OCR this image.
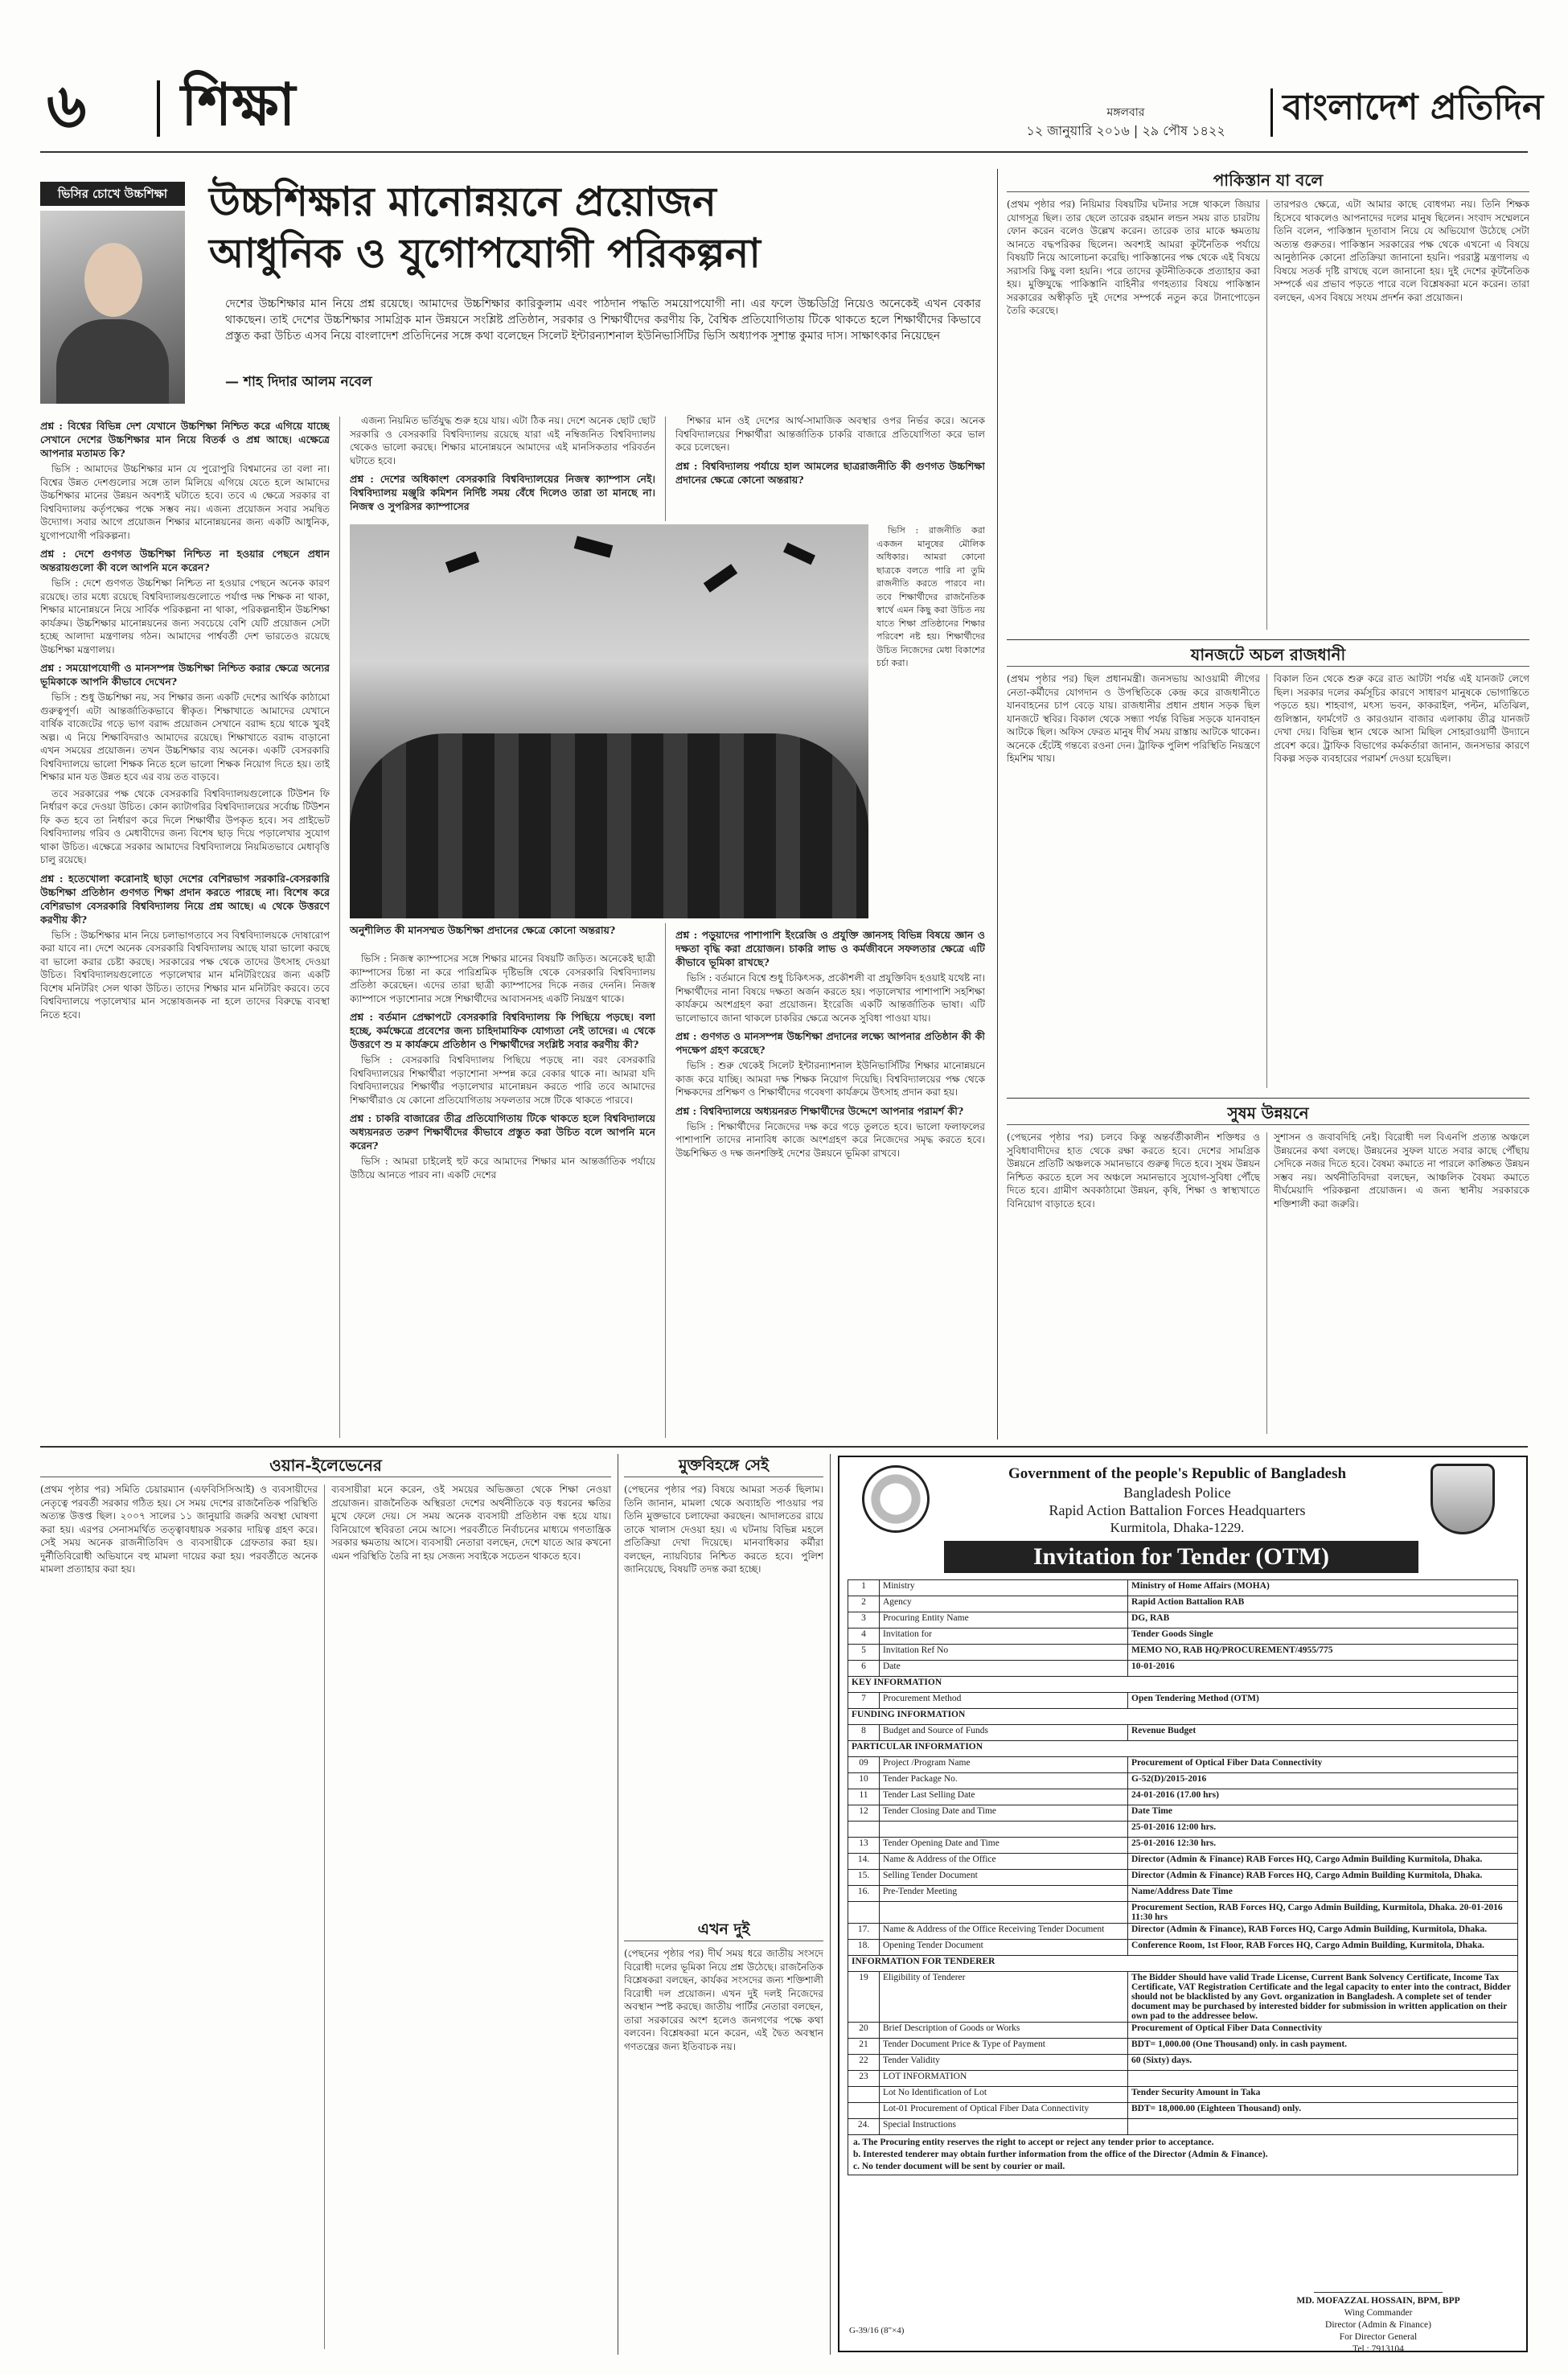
৬ শিক্ষা	মঙ্গলবার
১২ জানুয়ারি ২০১৬ | ২৯ পৌষ ১৪২২
বাংলাদেশ প্রতিদিন
ভিসির চোখে উচ্চশিক্ষা	উচ্চশিক্ষার মানোন্নয়নে প্রয়োজন
আধুনিক ও যুগোপযোগী পরিকল্পনা
দেশের উচ্চশিক্ষার মান নিয়ে প্রশ্ন রয়েছে। আমাদের উচ্চশিক্ষার কারিকুলাম এবং পাঠদান পদ্ধতি সময়োপযোগী না। এর ফলে উচ্চডিগ্রি নিয়েও অনেকেই এখন বেকার থাকছেন। তাই দেশের উচ্চশিক্ষার সামগ্রিক মান উন্নয়নে সংশ্লিষ্ট প্রতিষ্ঠান, সরকার ও শিক্ষার্থীদের করণীয় কি, বৈশ্বিক প্রতিযোগিতায় টিকে থাকতে হলে শিক্ষার্থীদের কিভাবে প্রস্তুত করা উচিত এসব নিয়ে বাংলাদেশ প্রতিদিনের সঙ্গে কথা বলেছেন সিলেট ইন্টারন্যাশনাল ইউনিভার্সিটির ভিসি অধ্যাপক সুশান্ত কুমার দাস। সাক্ষাৎকার নিয়েছেন
— শাহ দিদার আলম নবেল
প্রশ্ন : বিশ্বের বিভিন্ন দেশ যেখানে উচ্চশিক্ষা নিশ্চিত করে এগিয়ে যাচ্ছে সেখানে দেশের উচ্চশিক্ষার মান নিয়ে বিতর্ক ও প্রশ্ন আছে। এক্ষেত্রে আপনার মতামত কি?

ভিসি : আমাদের উচ্চশিক্ষার মান যে পুরোপুরি বিশ্বমানের তা বলা না। বিশ্বের উন্নত দেশগুলোর সঙ্গে তাল মিলিয়ে এগিয়ে যেতে হলে আমাদের উচ্চশিক্ষার মানের উন্নয়ন অবশ্যই ঘটাতে হবে। তবে এ ক্ষেত্রে সরকার বা বিশ্ববিদ্যালয় কর্তৃপক্ষের পক্ষে সম্ভব নয়। এজন্য প্রয়োজন সবার সমন্বিত উদ্যোগ। সবার আগে প্রয়োজন শিক্ষার মানোন্নয়নের জন্য একটি আধুনিক, যুগোপযোগী পরিকল্পনা।

প্রশ্ন : দেশে গুণগত উচ্চশিক্ষা নিশ্চিত না হওয়ার পেছনে প্রধান অন্তরায়গুলো কী বলে আপনি মনে করেন?

ভিসি : দেশে গুণগত উচ্চশিক্ষা নিশ্চিত না হওয়ার পেছনে অনেক কারণ রয়েছে। তার মধ্যে রয়েছে বিশ্ববিদ্যালয়গুলোতে পর্যাপ্ত দক্ষ শিক্ষক না থাকা, শিক্ষার মানোন্নয়নে নিয়ে সার্বিক পরিকল্পনা না থাকা, পরিকল্পনাহীন উচ্চশিক্ষা কার্যক্রম। উচ্চশিক্ষার মানোন্নয়নের জন্য সবচেয়ে বেশি যেটি প্রয়োজন সেটা হচ্ছে আলাদা মন্ত্রণালয় গঠন। আমাদের পার্শ্ববর্তী দেশ ভারতেও রয়েছে উচ্চশিক্ষা মন্ত্রণালয়।

প্রশ্ন : সময়োপযোগী ও মানসম্পন্ন উচ্চশিক্ষা নিশ্চিত করার ক্ষেত্রে অন্যের ভূমিকাকে আপনি কীভাবে দেখেন?

ভিসি : শুধু উচ্চশিক্ষা নয়, সব শিক্ষার জন্য একটি দেশের আর্থিক কাঠামো গুরুত্বপূর্ণ। এটা আন্তর্জাতিকভাবে স্বীকৃত। শিক্ষাখাতে আমাদের যেখানে বার্ষিক বাজেটের গড়ে ভাগ বরাদ্দ প্রয়োজন সেখানে বরাদ্দ হয়ে থাকে খুবই অল্প। এ নিয়ে শিক্ষাবিদরাও আমাদের রয়েছে। শিক্ষাখাতে বরাদ্দ বাড়ানো এখন সময়ের প্রয়োজন। তখন উচ্চশিক্ষার ব্যয় অনেক। একটি বেসরকারি বিশ্ববিদ্যালয়ে ভালো শিক্ষক নিতে হলে ভালো শিক্ষক নিয়োগ দিতে হয়। তাই শিক্ষার মান যত উন্নত হবে এর ব্যয় তত বাড়বে।

তবে সরকারের পক্ষ থেকে বেসরকারি বিশ্ববিদ্যালয়গুলোকে টিউশন ফি নির্ধারণ করে দেওয়া উচিত। কোন ক্যাটাগরির বিশ্ববিদ্যালয়ের সর্বোচ্চ টিউশন ফি কত হবে তা নির্ধারণ করে দিলে শিক্ষার্থীর উপকৃত হবে। সব প্রাইভেট বিশ্ববিদ্যালয় গরিব ও মেধাবীদের জন্য বিশেষ ছাড় দিয়ে পড়ালেখার সুযোগ থাকা উচিত। এক্ষেত্রে সরকার আমাদের বিশ্ববিদ্যালয়ে নিয়মিতভাবে মেধাবৃত্তি চালু রয়েছে।

প্রশ্ন : হতেখোলা করোনাই ছাড়া দেশের বেশিরভাগ সরকারি-বেসরকারি উচ্চশিক্ষা প্রতিষ্ঠান গুণগত শিক্ষা প্রদান করতে পারছে না। বিশেষ করে বেশিরভাগ বেসরকারি বিশ্ববিদ্যালয় নিয়ে প্রশ্ন আছে। এ থেকে উত্তরণে করণীয় কী?

ভিসি : উচ্চশিক্ষার মান নিয়ে চলাভাগতাবে সব বিশ্ববিদ্যালয়কে দোষারোপ করা যাবে না। দেশে অনেক বেসরকারি বিশ্ববিদ্যালয় আছে যারা ভালো করছে বা ভালো করার চেষ্টা করছে। সরকারের পক্ষ থেকে তাদের উৎসাহ দেওয়া উচিত। বিশ্ববিদ্যালয়গুলোতে পড়ালেখার মান মনিটরিংয়ের জন্য একটি বিশেষ মনিটরিং সেল থাকা উচিত। তাদের শিক্ষার মান মনিটরিং করবে। তবে বিশ্ববিদ্যালয়ে পড়ালেখার মান সন্তোষজনক না হলে তাদের বিরুদ্ধে ব্যবস্থা নিতে হবে।

এজন্য নিয়মিত ভর্তিযুদ্ধ শুরু হয়ে যায়। এটা ঠিক নয়। দেশে অনেক ছোট ছোট সরকারি ও বেসরকারি বিশ্ববিদ্যালয় রয়েছে যারা এই নম্বিজনিত বিশ্ববিদ্যালয় থেকেও ভালো করছে। শিক্ষার মানোন্নয়নে আমাদের এই মানসিকতার পরিবর্তন ঘটাতে হবে।

প্রশ্ন : দেশের অধিকাংশ বেসরকারি বিশ্ববিদ্যালয়ের নিজস্ব ক্যাম্পাস নেই। বিশ্ববিদ্যালয় মঞ্জুরি কমিশন নির্দিষ্ট সময় বেঁধে দিলেও তারা তা মানছে না। নিজস্ব ও সুপরিসর ক্যাম্পাসের
অনুশীলিত কী মানসম্মত উচ্চশিক্ষা প্রদানের ক্ষেত্রে কোনো অন্তরায়?

ভিসি : নিজস্ব ক্যাম্পাসের সঙ্গে শিক্ষার মানের বিষয়টি জড়িত। অনেকেই ছাত্রী ক্যাম্পাসের চিন্তা না করে পারিশ্রমিক দৃষ্টিভঙ্গি থেকে বেসরকারি বিশ্ববিদ্যালয় প্রতিষ্ঠা করেছেন। এদের তারা ছাত্রী ক্যাম্পাসের দিকে নজর দেননি। নিজস্ব ক্যাম্পাসে পড়াশোনার সঙ্গে শিক্ষার্থীদের আবাসনসহ একটি নিয়ন্ত্রণ থাকে।

প্রশ্ন : বর্তমান প্রেক্ষাপটে বেসরকারি বিশ্ববিদ্যালয় কি পিছিয়ে পড়ছে। বলা হচ্ছে, কর্মক্ষেত্রে প্রবেশের জন্য চাহিদামাফিক যোগ্যতা নেই তাদের। এ থেকে উত্তরণে শু ম কার্যক্রমে প্রতিষ্ঠান ও শিক্ষার্থীদের সংশ্লিষ্ট সবার করণীয় কী?

ভিসি : বেসরকারি বিশ্ববিদ্যালয় পিছিয়ে পড়ছে না। বরং বেসরকারি বিশ্ববিদ্যালয়ের শিক্ষার্থীরা পড়াশোনা সম্পন্ন করে বেকার থাকে না। আমরা যদি বিশ্ববিদ্যালয়ের শিক্ষার্থীর পড়ালেখার মানোন্নয়ন করতে পারি তবে আমাদের শিক্ষার্থীরাও যে কোনো প্রতিযোগিতায় সফলতার সঙ্গে টিকে থাকতে পারবে।

প্রশ্ন : চাকরি বাজারের তীব্র প্রতিযোগিতায় টিকে থাকতে হলে বিশ্ববিদ্যালয়ে অধ্যয়নরত তরুণ শিক্ষার্থীদের কীভাবে প্রস্তুত করা উচিত বলে আপনি মনে করেন?

ভিসি : আমরা চাইলেই হুট করে আমাদের শিক্ষার মান আন্তর্জাতিক পর্যায়ে উঠিয়ে আনতে পারব না। একটি দেশের

শিক্ষার মান ওই দেশের আর্থ-সামাজিক অবস্থার ওপর নির্ভর করে। অনেক বিশ্ববিদ্যালয়ের শিক্ষার্থীরা আন্তর্জাতিক চাকরি বাজারে প্রতিযোগিতা করে ভাল করে চলেছেন।

প্রশ্ন : বিশ্ববিদ্যালয় পর্যায়ে হাল আমলের ছাত্ররাজনীতি কী গুণগত উচ্চশিক্ষা প্রদানের ক্ষেত্রে কোনো অন্তরায়?

ভিসি : রাজনীতি করা একজন মানুষের মৌলিক অধিকার। আমরা কোনো ছাত্রকে বলতে পারি না তুমি রাজনীতি করতে পারবে না। তবে শিক্ষার্থীদের রাজনৈতিক স্বার্থে এমন কিছু করা উচিত নয় যাতে শিক্ষা প্রতিষ্ঠানের শিক্ষার পরিবেশ নষ্ট হয়। শিক্ষার্থীদের উচিত নিজেদের মেধা বিকাশের চর্চা করা।

প্রশ্ন : পড়ুয়াদের পাশাপাশি ইংরেজি ও প্রযুক্তি জ্ঞানসহ বিভিন্ন বিষয়ে জ্ঞান ও দক্ষতা বৃদ্ধি করা প্রয়োজন। চাকরি লাভ ও কর্মজীবনে সফলতার ক্ষেত্রে এটি কীভাবে ভূমিকা রাখছে?

ভিসি : বর্তমানে বিশ্বে শুধু চিকিৎসক, প্রকৌশলী বা প্রযুক্তিবিদ হওয়াই যথেষ্ট না। শিক্ষার্থীদের নানা বিষয়ে দক্ষতা অর্জন করতে হয়। পড়ালেখার পাশাপাশি সহশিক্ষা কার্যক্রমে অংশগ্রহণ করা প্রয়োজন। ইংরেজি একটি আন্তর্জাতিক ভাষা। এটি ভালোভাবে জানা থাকলে চাকরির ক্ষেত্রে অনেক সুবিধা পাওয়া যায়।

প্রশ্ন : গুণগত ও মানসম্পন্ন উচ্চশিক্ষা প্রদানের লক্ষ্যে আপনার প্রতিষ্ঠান কী কী পদক্ষেপ গ্রহণ করেছে?

ভিসি : শুরু থেকেই সিলেট ইন্টারন্যাশনাল ইউনিভার্সিটির শিক্ষার মানোন্নয়নে কাজ করে যাচ্ছি। আমরা দক্ষ শিক্ষক নিয়োগ দিয়েছি। বিশ্ববিদ্যালয়ের পক্ষ থেকে শিক্ষকদের প্রশিক্ষণ ও শিক্ষার্থীদের গবেষণা কার্যক্রমে উৎসাহ প্রদান করা হয়।

প্রশ্ন : বিশ্ববিদ্যালয়ে অধ্যয়নরত শিক্ষার্থীদের উদ্দেশে আপনার পরামর্শ কী?

ভিসি : শিক্ষার্থীদের নিজেদের দক্ষ করে গড়ে তুলতে হবে। ভালো ফলাফলের পাশাপাশি তাদের নানাবিধ কাজে অংশগ্রহণ করে নিজেদের সমৃদ্ধ করতে হবে। উচ্চশিক্ষিত ও দক্ষ জনশক্তিই দেশের উন্নয়নে ভূমিকা রাখবে।

পাকিস্তান যা বলে
(প্রথম পৃষ্ঠার পর) নিয়িমার বিষয়টির ঘটনার সঙ্গে থাকলে জিয়ার যোগসূত্র ছিল। তার ছেলে তারেক রহমান লন্ডন সময় রাত চারটায় ফোন করেন বলেও উল্লেখ করেন। তারেক তার মাকে ক্ষমতায় আনতে বদ্ধপরিকর ছিলেন। অবশ্যই আমরা কূটনৈতিক পর্যায়ে বিষয়টি নিয়ে আলোচনা করেছি। পাকিস্তানের পক্ষ থেকে এই বিষয়ে সরাসরি কিছু বলা হয়নি। পরে তাদের কূটনীতিককে প্রত্যাহার করা হয়। মুক্তিযুদ্ধে পাকিস্তানি বাহিনীর গণহত্যার বিষয়ে পাকিস্তান সরকারের অস্বীকৃতি দুই দেশের সম্পর্কে নতুন করে টানাপোড়েন তৈরি করেছে।
তারপরও ক্ষেত্রে, এটা আমার কাছে বোধগম্য নয়। তিনি শিক্ষক হিসেবে থাকলেও আপনাদের দলের মানুষ ছিলেন। সংবাদ সম্মেলনে তিনি বলেন, পাকিস্তান দূতাবাস নিয়ে যে অভিযোগ উঠেছে সেটা অত্যন্ত গুরুতর। পাকিস্তান সরকারের পক্ষ থেকে এখনো এ বিষয়ে আনুষ্ঠানিক কোনো প্রতিক্রিয়া জানানো হয়নি। পররাষ্ট্র মন্ত্রণালয় এ বিষয়ে সতর্ক দৃষ্টি রাখছে বলে জানানো হয়। দুই দেশের কূটনৈতিক সম্পর্কে এর প্রভাব পড়তে পারে বলে বিশ্লেষকরা মনে করেন। তারা বলছেন, এসব বিষয়ে সংযম প্রদর্শন করা প্রয়োজন।
যানজটে অচল রাজধানী
(প্রথম পৃষ্ঠার পর) ছিল প্রধানমন্ত্রী। জনসভায় আওয়ামী লীগের নেতা-কর্মীদের যোগদান ও উপস্থিতিকে কেন্দ্র করে রাজধানীতে যানবাহনের চাপ বেড়ে যায়। রাজধানীর প্রধান প্রধান সড়ক ছিল যানজটে স্থবির। বিকাল থেকে সন্ধ্যা পর্যন্ত বিভিন্ন সড়কে যানবাহন আটকে ছিল। অফিস ফেরত মানুষ দীর্ঘ সময় রাস্তায় আটকে থাকেন। অনেকে হেঁটেই গন্তব্যে রওনা দেন। ট্রাফিক পুলিশ পরিস্থিতি নিয়ন্ত্রণে হিমশিম খায়।
বিকাল তিন থেকে শুরু করে রাত আটটা পর্যন্ত এই যানজট লেগে ছিল। সরকার দলের কর্মসূচির কারণে সাধারণ মানুষকে ভোগান্তিতে পড়তে হয়। শাহবাগ, মৎস্য ভবন, কাকরাইল, পল্টন, মতিঝিল, গুলিস্তান, ফার্মগেট ও কারওয়ান বাজার এলাকায় তীব্র যানজট দেখা দেয়। বিভিন্ন স্থান থেকে আসা মিছিল সোহরাওয়ার্দী উদ্যানে প্রবেশ করে। ট্রাফিক বিভাগের কর্মকর্তারা জানান, জনসভার কারণে বিকল্প সড়ক ব্যবহারের পরামর্শ দেওয়া হয়েছিল।
সুষম উন্নয়নে
(পেছনের পৃষ্ঠার পর) চলবে কিন্তু অন্তর্বর্তীকালীন শক্তিধর ও সুবিধাবাদীদের হাত থেকে রক্ষা করতে হবে। দেশের সামগ্রিক উন্নয়নে প্রতিটি অঞ্চলকে সমানভাবে গুরুত্ব দিতে হবে। সুষম উন্নয়ন নিশ্চিত করতে হলে সব অঞ্চলে সমানভাবে সুযোগ-সুবিধা পৌঁছে দিতে হবে। গ্রামীণ অবকাঠামো উন্নয়ন, কৃষি, শিক্ষা ও স্বাস্থ্যখাতে বিনিয়োগ বাড়াতে হবে।
সুশাসন ও জবাবদিহি নেই। বিরোধী দল বিএনপি প্রত্যন্ত অঞ্চলে উন্নয়নের কথা বলছে। উন্নয়নের সুফল যাতে সবার কাছে পৌঁছায় সেদিকে নজর দিতে হবে। বৈষম্য কমাতে না পারলে কাঙ্ক্ষিত উন্নয়ন সম্ভব নয়। অর্থনীতিবিদরা বলছেন, আঞ্চলিক বৈষম্য কমাতে দীর্ঘমেয়াদি পরিকল্পনা প্রয়োজন। এ জন্য স্থানীয় সরকারকে শক্তিশালী করা জরুরি।
ওয়ান-ইলেভেনের
(প্রথম পৃষ্ঠার পর) সমিতি চেয়ারম্যান (এফবিসিসিআই) ও ব্যবসায়ীদের নেতৃত্বে পরবর্তী সরকার গঠিত হয়। সে সময় দেশের রাজনৈতিক পরিস্থিতি অত্যন্ত উত্তপ্ত ছিল। ২০০৭ সালের ১১ জানুয়ারি জরুরি অবস্থা ঘোষণা করা হয়। এরপর সেনাসমর্থিত তত্ত্বাবধায়ক সরকার দায়িত্ব গ্রহণ করে। সেই সময় অনেক রাজনীতিবিদ ও ব্যবসায়ীকে গ্রেফতার করা হয়। দুর্নীতিবিরোধী অভিযানে বহু মামলা দায়ের করা হয়। পরবর্তীতে অনেক মামলা প্রত্যাহার করা হয়।
ব্যবসায়ীরা মনে করেন, ওই সময়ের অভিজ্ঞতা থেকে শিক্ষা নেওয়া প্রয়োজন। রাজনৈতিক অস্থিরতা দেশের অর্থনীতিকে বড় ধরনের ক্ষতির মুখে ফেলে দেয়। সে সময় অনেক ব্যবসায়ী প্রতিষ্ঠান বন্ধ হয়ে যায়। বিনিয়োগে স্থবিরতা নেমে আসে। পরবর্তীতে নির্বাচনের মাধ্যমে গণতান্ত্রিক সরকার ক্ষমতায় আসে। ব্যবসায়ী নেতারা বলছেন, দেশে যাতে আর কখনো এমন পরিস্থিতি তৈরি না হয় সেজন্য সবাইকে সচেতন থাকতে হবে।
মুক্তবিহঙ্গে সেই
(পেছনের পৃষ্ঠার পর) বিষয়ে আমরা সতর্ক ছিলাম। তিনি জানান, মামলা থেকে অব্যাহতি পাওয়ার পর তিনি মুক্তভাবে চলাফেরা করছেন। আদালতের রায়ে তাকে খালাস দেওয়া হয়। এ ঘটনায় বিভিন্ন মহলে প্রতিক্রিয়া দেখা দিয়েছে। মানবাধিকার কর্মীরা বলছেন, ন্যায়বিচার নিশ্চিত করতে হবে। পুলিশ জানিয়েছে, বিষয়টি তদন্ত করা হচ্ছে।
এখন দুই
(পেছনের পৃষ্ঠার পর) দীর্ঘ সময় ধরে জাতীয় সংসদে বিরোধী দলের ভূমিকা নিয়ে প্রশ্ন উঠেছে। রাজনৈতিক বিশ্লেষকরা বলছেন, কার্যকর সংসদের জন্য শক্তিশালী বিরোধী দল প্রয়োজন। এখন দুই দলই নিজেদের অবস্থান স্পষ্ট করছে। জাতীয় পার্টির নেতারা বলছেন, তারা সরকারের অংশ হলেও জনগণের পক্ষে কথা বলবেন। বিশ্লেষকরা মনে করেন, এই দ্বৈত অবস্থান গণতন্ত্রের জন্য ইতিবাচক নয়।
Government of the people's Republic of Bangladesh
Bangladesh Police
Rapid Action Battalion Forces Headquarters
Kurmitola, Dhaka-1229.
Invitation for Tender (OTM)
1	Ministry	Ministry of Home Affairs (MOHA)
2	Agency	Rapid Action Battalion RAB
3	Procuring Entity Name	DG, RAB
4	Invitation for	Tender Goods Single
5	Invitation Ref No	MEMO NO, RAB HQ/PROCUREMENT/4955/775
6	Date	10-01-2016
KEY INFORMATION		
7	Procurement Method	Open Tendering Method (OTM)
FUNDING INFORMATION		
8	Budget and Source of Funds	Revenue Budget
PARTICULAR INFORMATION		
09	Project /Program Name	Procurement of Optical Fiber Data Connectivity
10	Tender Package No.	G-52(D)/2015-2016
11	Tender Last Selling Date	24-01-2016 (17.00 hrs)
12	Tender Closing Date and Time	Date Time
		25-01-2016 12:00 hrs.
13	Tender Opening Date and Time	25-01-2016 12:30 hrs.
14.	Name & Address of the Office	Director (Admin & Finance) RAB Forces HQ, Cargo Admin Building Kurmitola, Dhaka.
15.	Selling Tender Document	Director (Admin & Finance) RAB Forces HQ, Cargo Admin Building Kurmitola, Dhaka.
16.	Pre-Tender Meeting	Name/Address Date Time
		Procurement Section, RAB Forces HQ, Cargo Admin Building, Kurmitola, Dhaka. 20-01-2016 11:30 hrs
17.	Name & Address of the Office Receiving Tender Document	Director (Admin & Finance), RAB Forces HQ, Cargo Admin Building, Kurmitola, Dhaka.
18.	Opening Tender Document	Conference Room, 1st Floor, RAB Forces HQ, Cargo Admin Building, Kurmitola, Dhaka.
INFORMATION FOR TENDERER		
19	Eligibility of Tenderer	The Bidder Should have valid Trade License, Current Bank Solvency Certificate, Income Tax Certificate, VAT Registration Certificate and the legal capacity to enter into the contract, Bidder should not be blacklisted by any Govt. organization in Bangladesh. A complete set of tender document may be purchased by interested bidder for submission in written application on their own pad to the addressee below.
20	Brief Description of Goods or Works	Procurement of Optical Fiber Data Connectivity
21	Tender Document Price & Type of Payment	BDT= 1,000.00 (One Thousand) only. in cash payment.
22	Tender Validity	60 (Sixty) days.
23	LOT INFORMATION	
	Lot No Identification of Lot	Tender Security Amount in Taka
	Lot-01 Procurement of Optical Fiber Data Connectivity	BDT= 18,000.00 (Eighteen Thousand) only.
24.	Special Instructions	
a. The Procuring entity reserves the right to accept or reject any tender prior to acceptance.
b. Interested tenderer may obtain further information from the office of the Director (Admin & Finance).
c. No tender document will be sent by courier or mail.
MD. MOFAZZAL HOSSAIN, BPM, BPP
Wing Commander
Director (Admin & Finance)
For Director General
Tel : 7913104
G-39/16 (8"×4)
